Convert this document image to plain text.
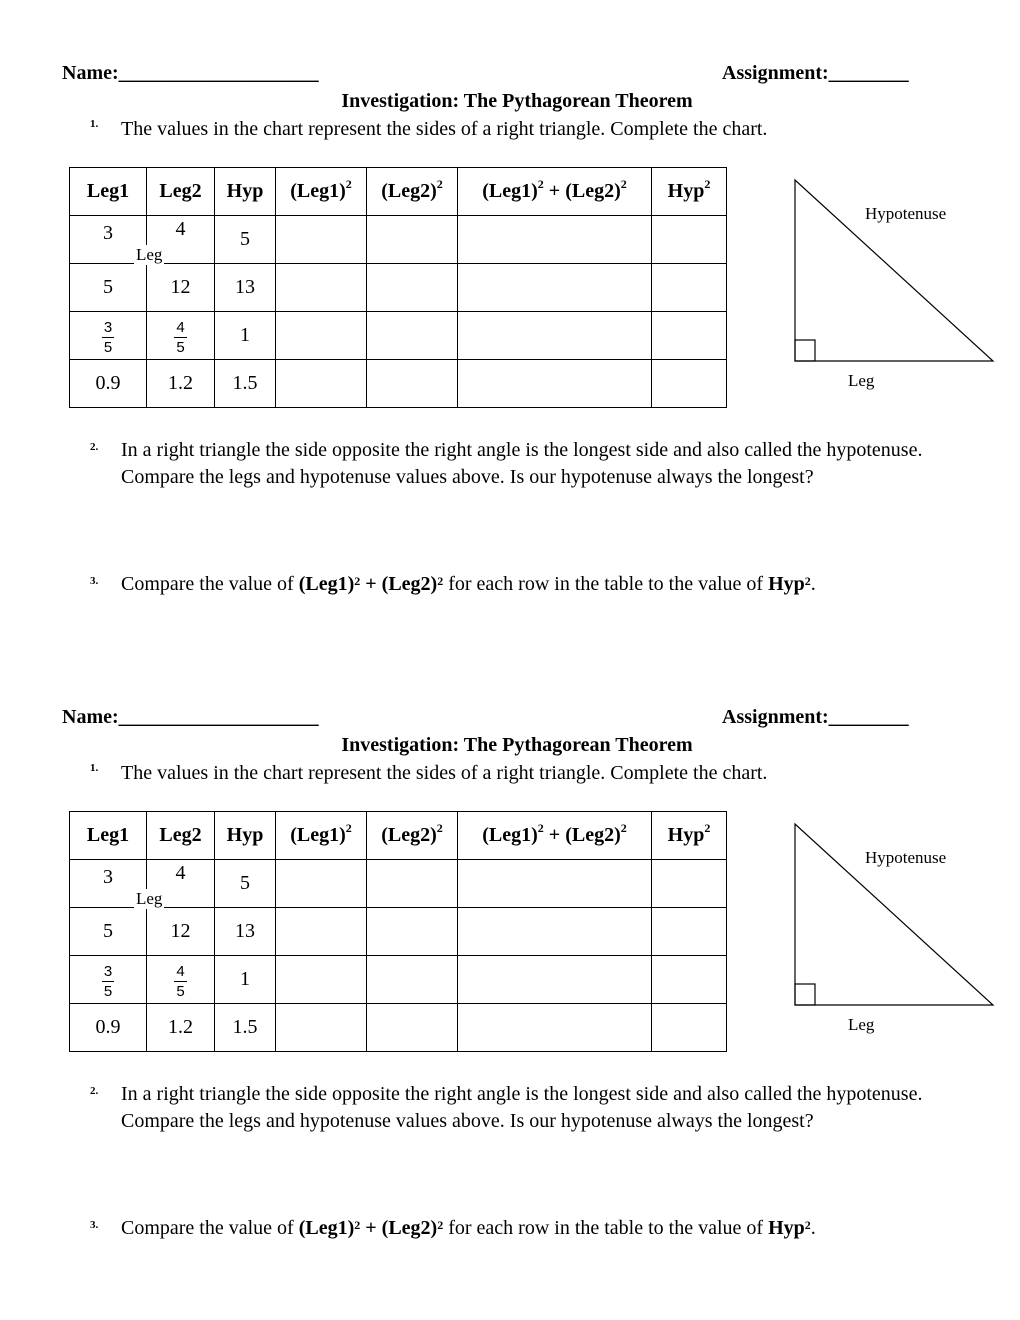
Name:____________________	Assignment:________
Investigation: The Pythagorean Theorem
1. The values in the chart represent the sides of a right triangle. Complete the chart.
Leg1	Leg2	Hyp	$(Leg1)^2$	$(Leg2)^2$	$(Leg1)^2 + (Leg2)^2$	Hyp$^2$
3	4	5				
5	12	13				

$\frac{3}{5}$	$\frac{4}{5}$	1				
0.9	1.2	1.5				
Leg
Hypotenuse
Leg
2. In a right triangle the side opposite the right angle is the longest side and also called the hypotenuse. Compare the legs and hypotenuse values above. Is our hypotenuse always the longest?
3. Compare the value of $(Leg1)^2 + (Leg2)^2$ for each row in the table to the value of Hyp$^2$.
Name:____________________	Assignment:________
Investigation: The Pythagorean Theorem
1. The values in the chart represent the sides of a right triangle. Complete the chart.
Leg1	Leg2	Hyp	$(Leg1)^2$	$(Leg2)^2$	$(Leg1)^2 + (Leg2)^2$	Hyp$^2$
3	4	5				
5	12	13				

$\frac{3}{5}$	$\frac{4}{5}$	1				
0.9	1.2	1.5				
Leg
Hypotenuse
Leg
2. In a right triangle the side opposite the right angle is the longest side and also called the hypotenuse. Compare the legs and hypotenuse values above. Is our hypotenuse always the longest?
3. Compare the value of $(Leg1)^2 + (Leg2)^2$ for each row in the table to the value of Hyp$^2$.
